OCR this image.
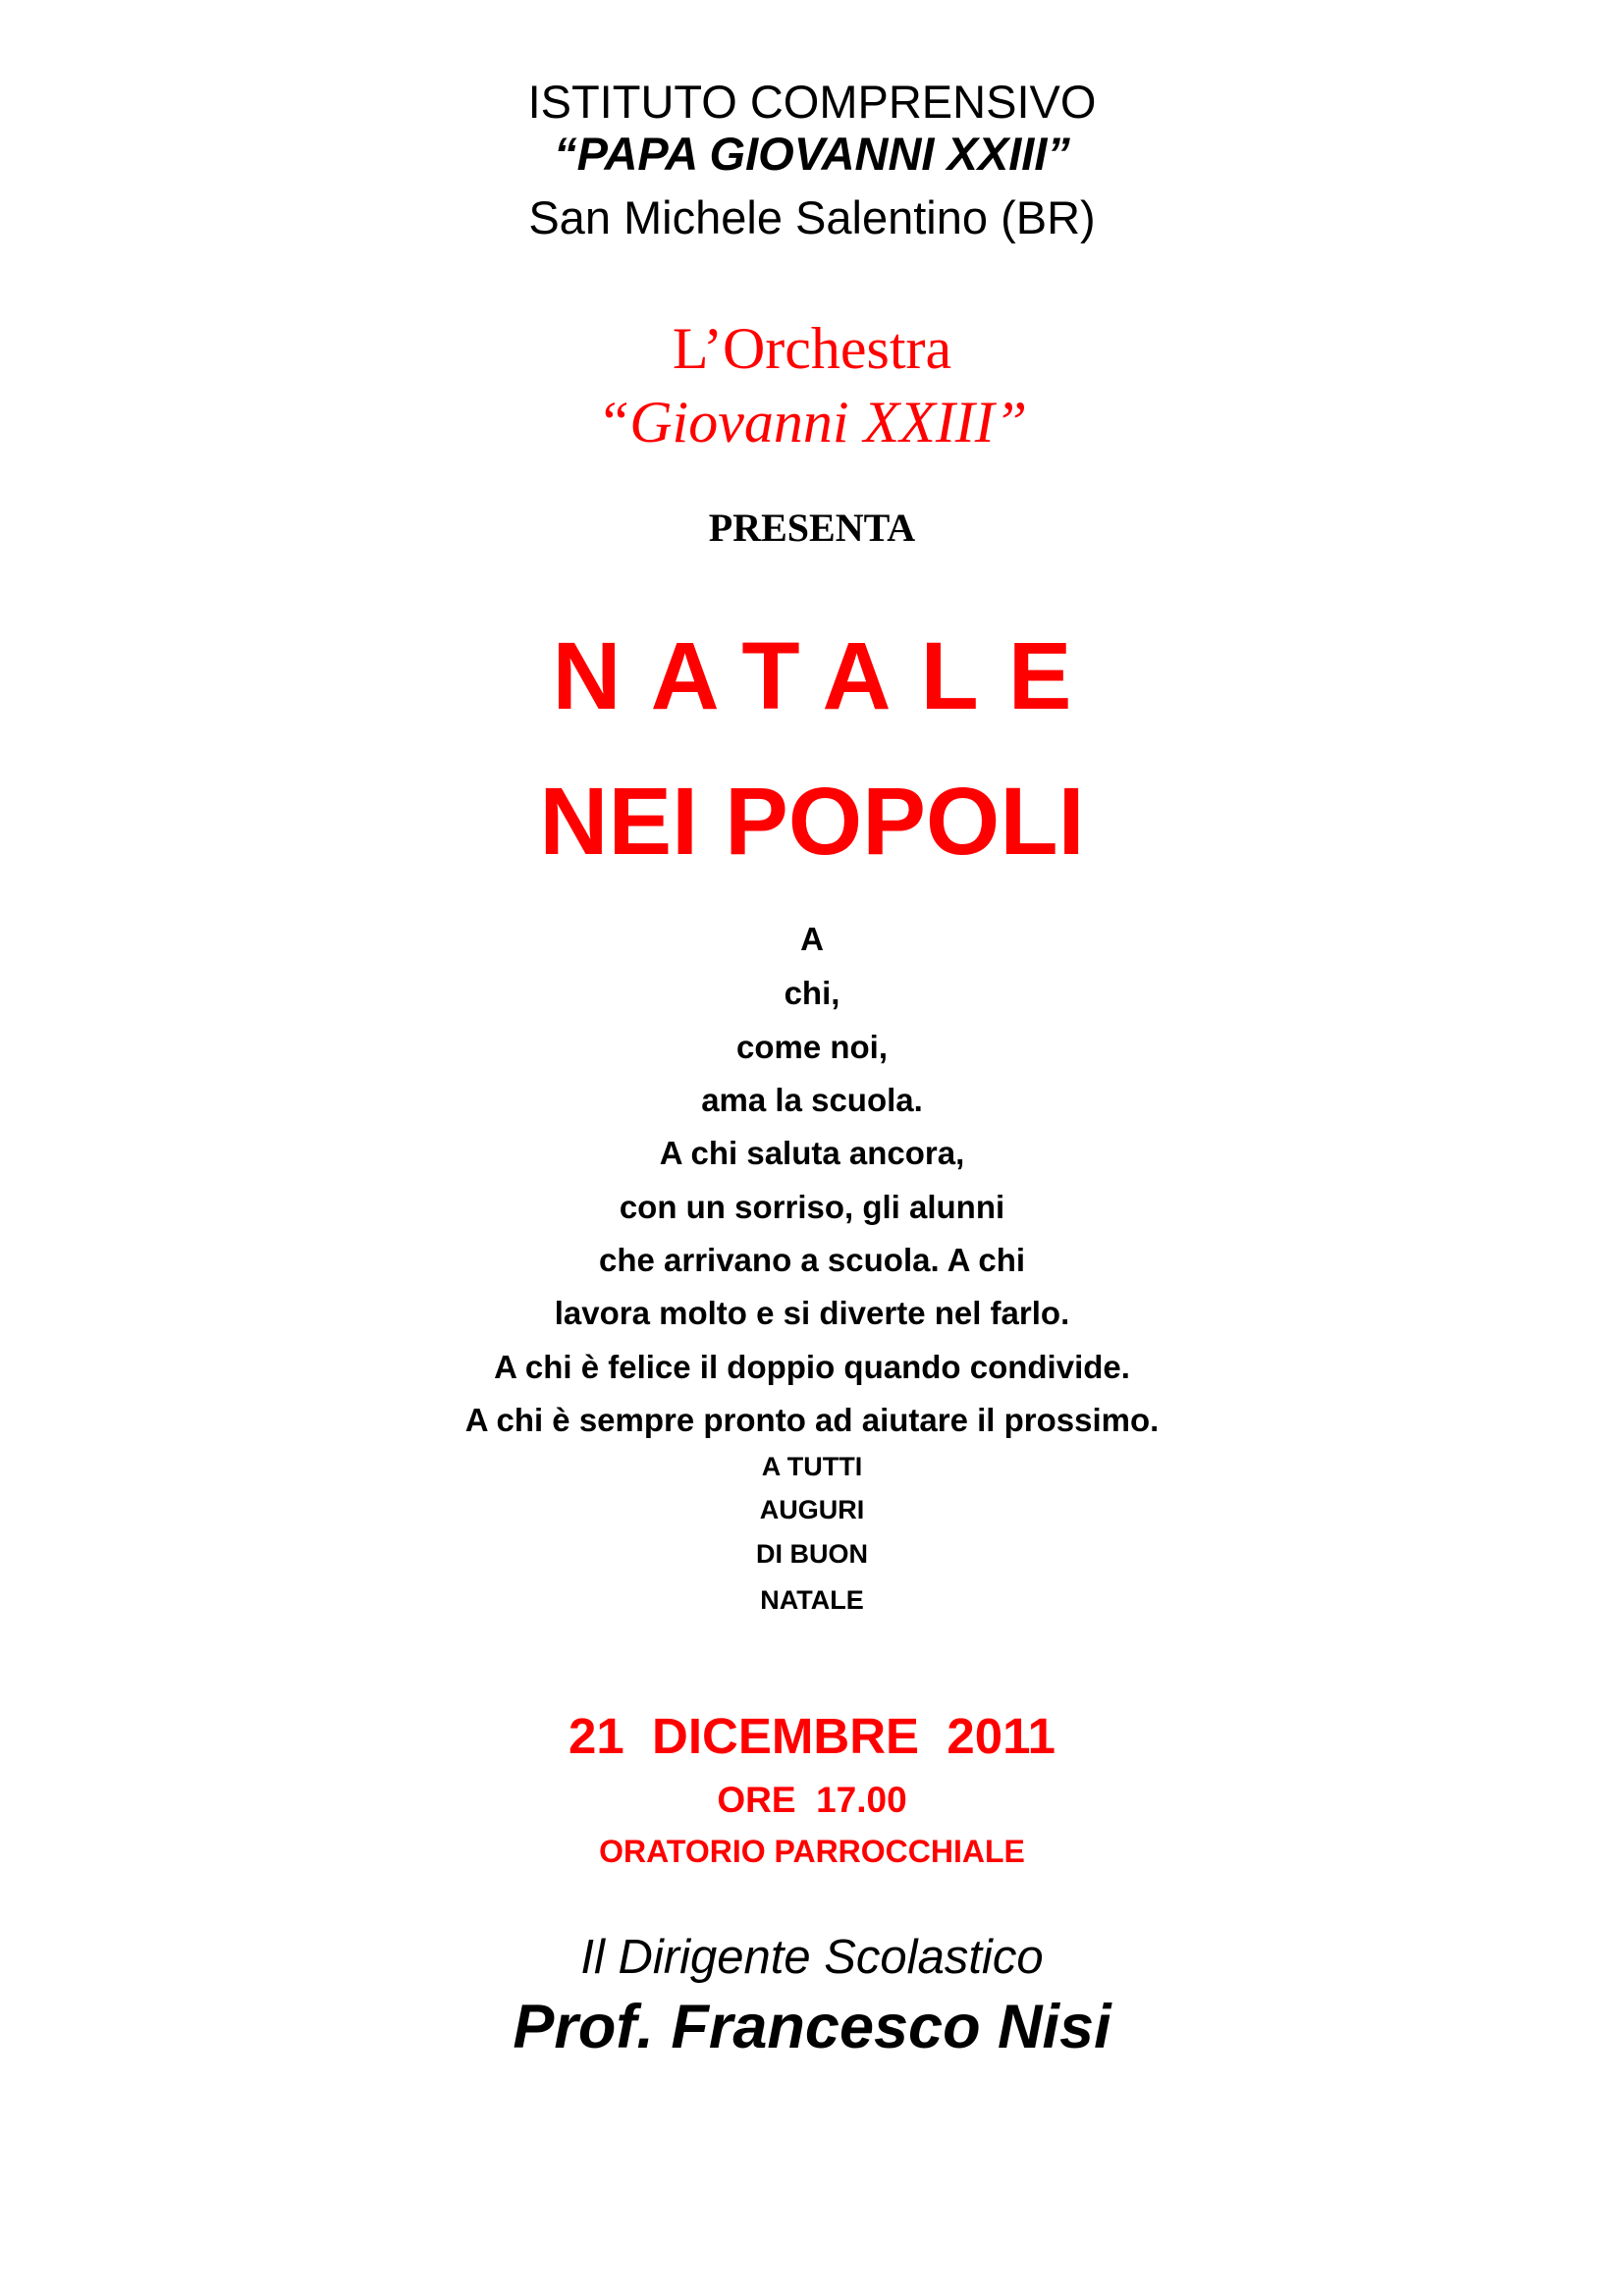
ISTITUTO COMPRENSIVO
“PAPA GIOVANNI XXIII”
San Michele Salentino (BR)
L’Orchestra
“Giovanni XXIII”
PRESENTA
NATALE
NEI POPOLI
A
chi,
come noi,
ama la scuola.
A chi saluta ancora,
con un sorriso, gli alunni
che arrivano a scuola. A chi
lavora molto e si diverte nel farlo.
A chi è felice il doppio quando condivide.
A chi è sempre pronto ad aiutare il prossimo.
A TUTTI
AUGURI
DI BUON
NATALE
21  DICEMBRE  2011
ORE  17.00
ORATORIO PARROCCHIALE
Il Dirigente Scolastico
Prof. Francesco Nisi
